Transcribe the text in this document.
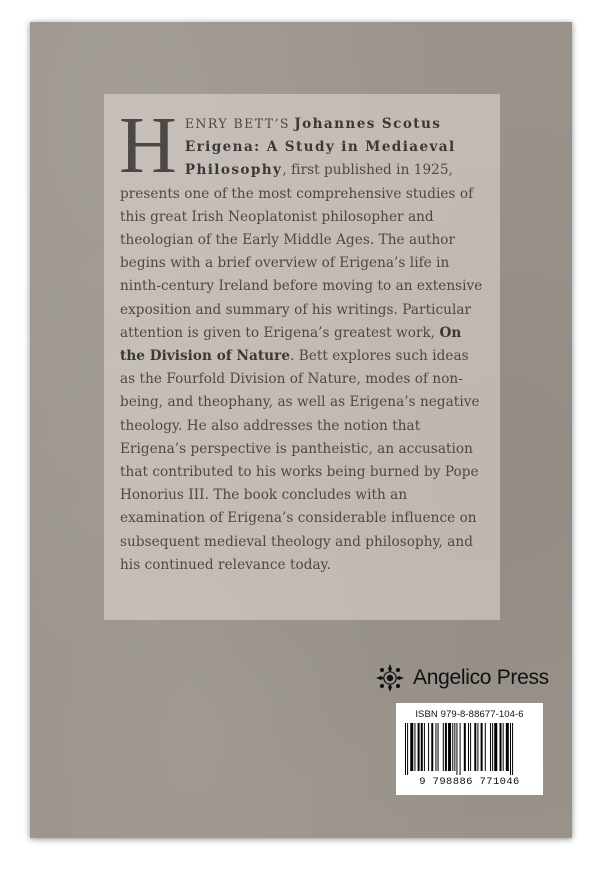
HENRY BETT’S Johannes Scotus Erigena: A Study in Mediaeval Philosophy, first published in 1925, presents one of the most comprehensive studies of this great Irish Neoplatonist philosopher and theologian of the Early Middle Ages. The author begins with a brief overview of Erigena’s life in ninth-century Ireland before moving to an extensive exposition and summary of his writings. Particular attention is given to Erigena’s greatest work, On the Division of Nature. Bett explores such ideas as the Fourfold Division of Nature, modes of non-being, and theophany, as well as Erigena’s negative theology. He also addresses the notion that Erigena’s perspective is pantheistic, an accusation that contributed to his works being burned by Pope Honorius III. The book concludes with an examination of Erigena’s considerable influence on subsequent medieval theology and philosophy, and his continued relevance today.

Angelico Press
ISBN 979-8-88677-104-6
9 798886 771046
